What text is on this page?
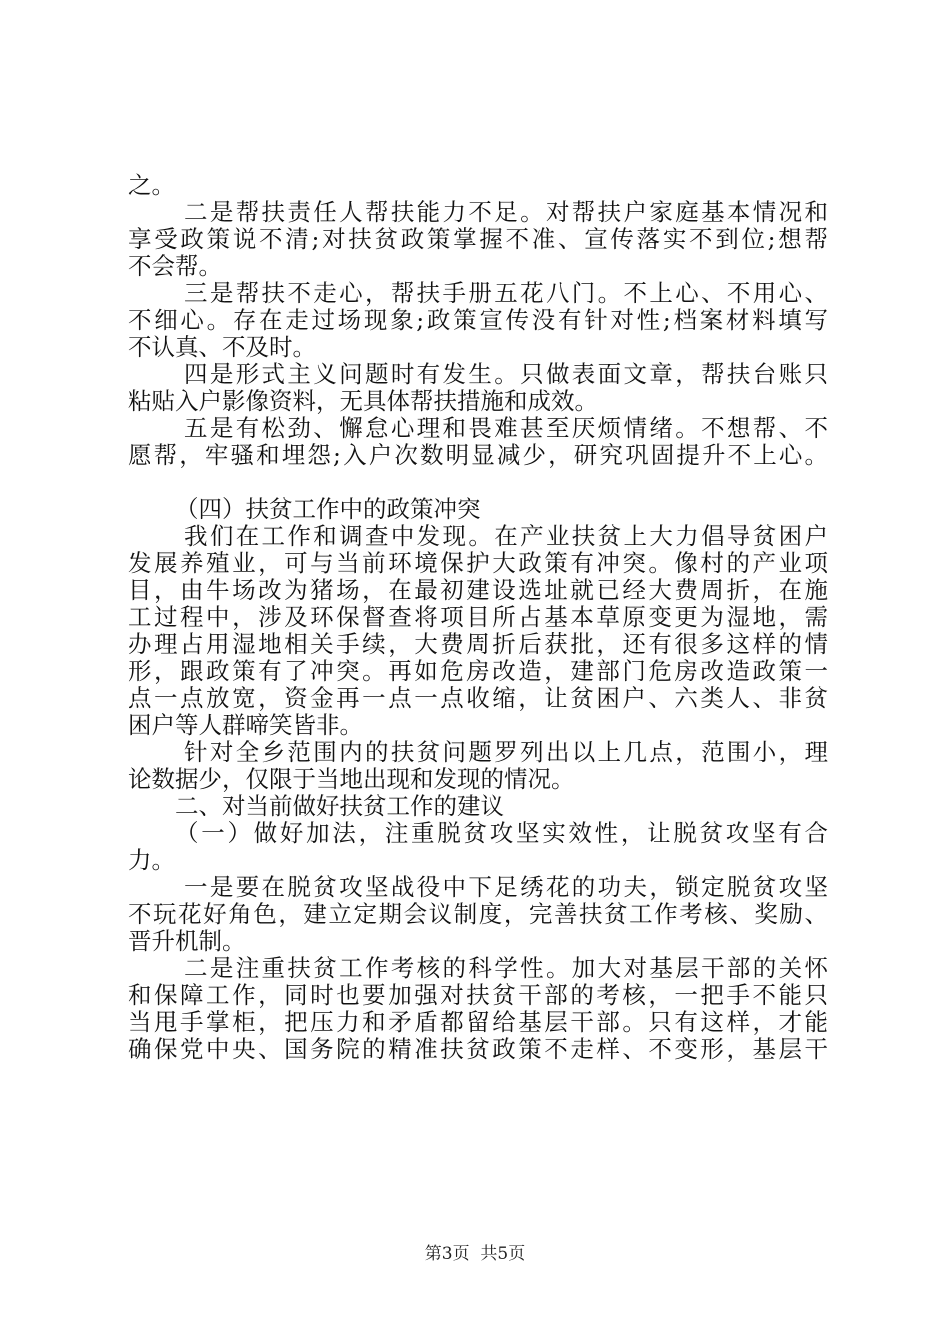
之。
二是帮扶责任人帮扶能力不足。对帮扶户家庭基本情况和
享受政策说不清;对扶贫政策掌握不准、宣传落实不到位;想帮
不会帮。
三是帮扶不走心，帮扶手册五花八门。不上心、不用心、
不细心。存在走过场现象;政策宣传没有针对性;档案材料填写
不认真、不及时。
四是形式主义问题时有发生。只做表面文章，帮扶台账只
粘贴入户影像资料，无具体帮扶措施和成效。
五是有松劲、懈怠心理和畏难甚至厌烦情绪。不想帮、不
愿帮，牢骚和埋怨;入户次数明显减少，研究巩固提升不上心。
（四）扶贫工作中的政策冲突
我们在工作和调查中发现。在产业扶贫上大力倡导贫困户
发展养殖业，可与当前环境保护大政策有冲突。像村的产业项
目，由牛场改为猪场，在最初建设选址就已经大费周折，在施
工过程中，涉及环保督查将项目所占基本草原变更为湿地，需
办理占用湿地相关手续，大费周折后获批，还有很多这样的情
形，跟政策有了冲突。再如危房改造，建部门危房改造政策一
点一点放宽，资金再一点一点收缩，让贫困户、六类人、非贫
困户等人群啼笑皆非。
针对全乡范围内的扶贫问题罗列出以上几点，范围小，理
论数据少，仅限于当地出现和发现的情况。
二、对当前做好扶贫工作的建议
（一）做好加法，注重脱贫攻坚实效性，让脱贫攻坚有合
力。
一是要在脱贫攻坚战役中下足绣花的功夫，锁定脱贫攻坚
不玩花好角色，建立定期会议制度，完善扶贫工作考核、奖励、
晋升机制。
二是注重扶贫工作考核的科学性。加大对基层干部的关怀
和保障工作，同时也要加强对扶贫干部的考核，一把手不能只
当甩手掌柜，把压力和矛盾都留给基层干部。只有这样，才能
确保党中央、国务院的精准扶贫政策不走样、不变形，基层干
第3页  共5页
